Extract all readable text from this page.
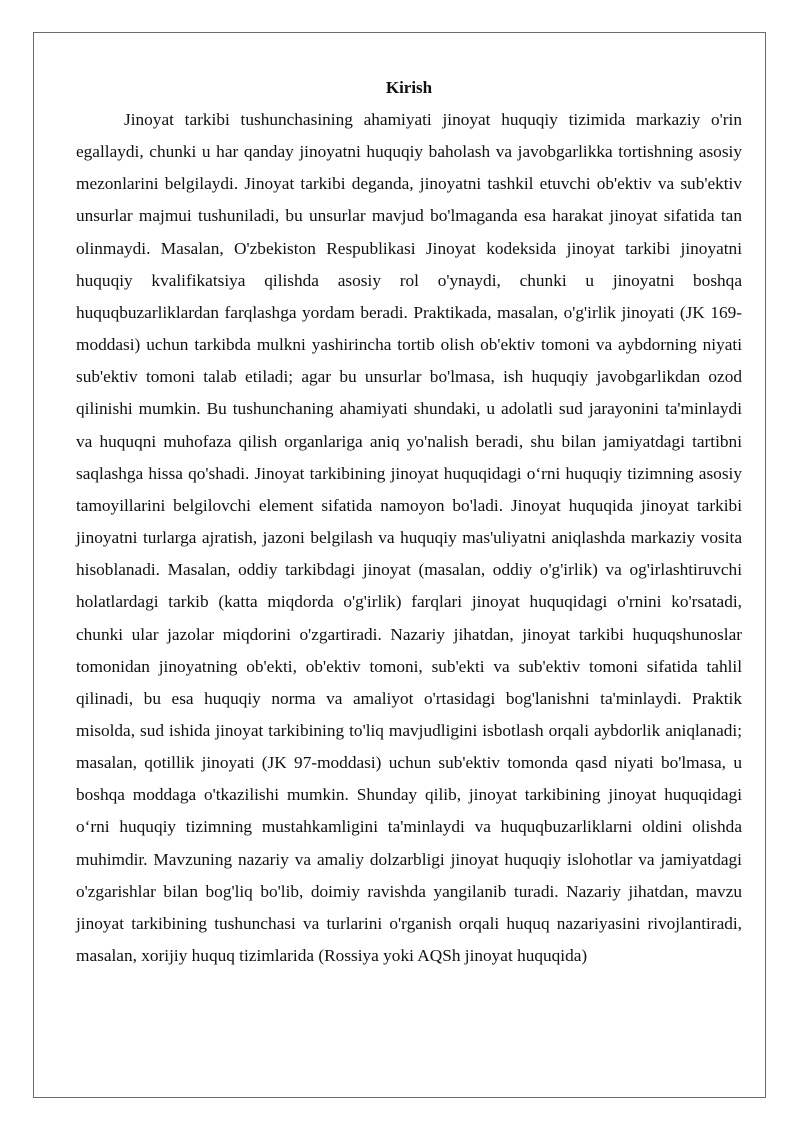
Kirish

Jinoyat tarkibi tushunchasining ahamiyati jinoyat huquqiy tizimida markaziy o'rin egallaydi, chunki u har qanday jinoyatni huquqiy baholash va javobgarlikka tortishning asosiy mezonlarini belgilaydi. Jinoyat tarkibi deganda, jinoyatni tashkil etuvchi ob'ektiv va sub'ektiv unsurlar majmui tushuniladi, bu unsurlar mavjud bo'lmaganda esa harakat jinoyat sifatida tan olinmaydi. Masalan, O'zbekiston Respublikasi Jinoyat kodeksida jinoyat tarkibi jinoyatni huquqiy kvalifikatsiya qilishda asosiy rol o'ynaydi, chunki u jinoyatni boshqa huquqbuzarliklardan farqlashga yordam beradi. Praktikada, masalan, o'g'irlik jinoyati (JK 169-moddasi) uchun tarkibda mulkni yashirincha tortib olish ob'ektiv tomoni va aybdorning niyati sub'ektiv tomoni talab etiladi; agar bu unsurlar bo'lmasa, ish huquqiy javobgarlikdan ozod qilinishi mumkin. Bu tushunchaning ahamiyati shundaki, u adolatli sud jarayonini ta'minlaydi va huquqni muhofaza qilish organlariga aniq yo'nalish beradi, shu bilan jamiyatdagi tartibni saqlashga hissa qo'shadi. Jinoyat tarkibining jinoyat huquqidagi o‘rni huquqiy tizimning asosiy tamoyillarini belgilovchi element sifatida namoyon bo'ladi. Jinoyat huquqida jinoyat tarkibi jinoyatni turlarga ajratish, jazoni belgilash va huquqiy mas'uliyatni aniqlashda markaziy vosita hisoblanadi. Masalan, oddiy tarkibdagi jinoyat (masalan, oddiy o'g'irlik) va og'irlashtiruvchi holatlardagi tarkib (katta miqdorda o'g'irlik) farqlari jinoyat huquqidagi o'rnini ko'rsatadi, chunki ular jazolar miqdorini o'zgartiradi. Nazariy jihatdan, jinoyat tarkibi huquqshunoslar tomonidan jinoyatning ob'ekti, ob'ektiv tomoni, sub'ekti va sub'ektiv tomoni sifatida tahlil qilinadi, bu esa huquqiy norma va amaliyot o'rtasidagi bog'lanishni ta'minlaydi. Praktik misolda, sud ishida jinoyat tarkibining to'liq mavjudligini isbotlash orqali aybdorlik aniqlanadi; masalan, qotillik jinoyati (JK 97-moddasi) uchun sub'ektiv tomonda qasd niyati bo'lmasa, u boshqa moddaga o'tkazilishi mumkin. Shunday qilib, jinoyat tarkibining jinoyat huquqidagi o‘rni huquqiy tizimning mustahkamligini ta'minlaydi va huquqbuzarliklarni oldini olishda muhimdir. Mavzuning nazariy va amaliy dolzarbligi jinoyat huquqiy islohotlar va jamiyatdagi o'zgarishlar bilan bog'liq bo'lib, doimiy ravishda yangilanib turadi. Nazariy jihatdan, mavzu jinoyat tarkibining tushunchasi va turlarini o'rganish orqali huquq nazariyasini rivojlantiradi, masalan, xorijiy huquq tizimlarida (Rossiya yoki AQSh jinoyat huquqida)
